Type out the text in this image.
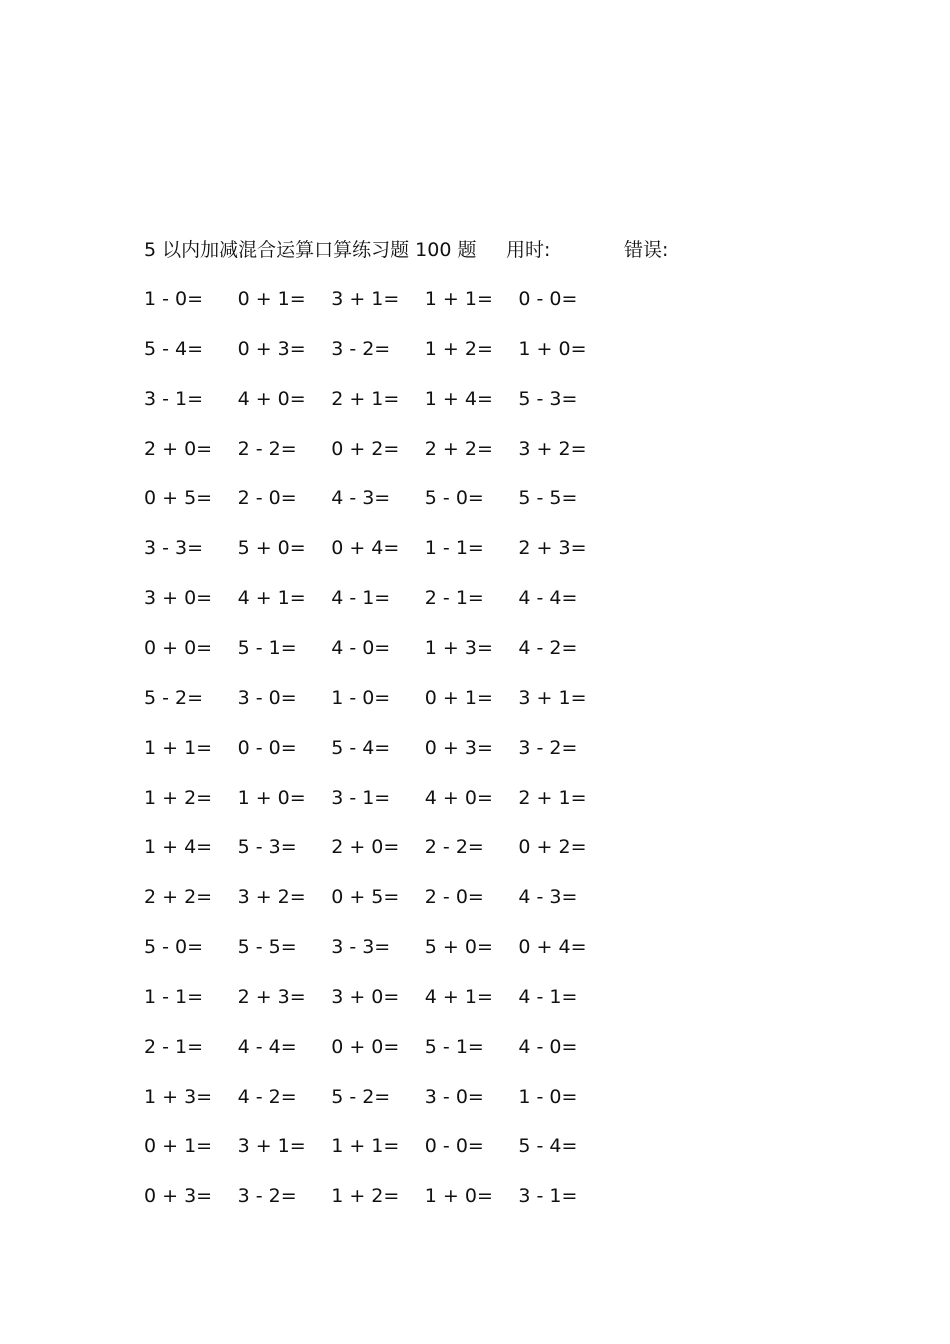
5 以内加减混合运算口算练习题 100 题 用时:	错误:
1 - 0= 0 + 1= 3 + 1= 1 + 1= 0 - 0=
5 - 4= 0 + 3= 3 - 2= 1 + 2= 1 + 0=
3 - 1= 4 + 0= 2 + 1= 1 + 4= 5 - 3=
2 + 0= 2 - 2= 0 + 2= 2 + 2= 3 + 2=
0 + 5= 2 - 0= 4 - 3= 5 - 0= 5 - 5=
3 - 3= 5 + 0= 0 + 4= 1 - 1= 2 + 3=
3 + 0= 4 + 1= 4 - 1= 2 - 1= 4 - 4=
0 + 0= 5 - 1= 4 - 0= 1 + 3= 4 - 2=
5 - 2= 3 - 0= 1 - 0= 0 + 1= 3 + 1=
1 + 1= 0 - 0= 5 - 4= 0 + 3= 3 - 2=
1 + 2= 1 + 0= 3 - 1= 4 + 0= 2 + 1=
1 + 4= 5 - 3= 2 + 0= 2 - 2= 0 + 2=
2 + 2= 3 + 2= 0 + 5= 2 - 0= 4 - 3=
5 - 0= 5 - 5= 3 - 3= 5 + 0= 0 + 4=
1 - 1= 2 + 3= 3 + 0= 4 + 1= 4 - 1=
2 - 1= 4 - 4= 0 + 0= 5 - 1= 4 - 0=
1 + 3= 4 - 2= 5 - 2= 3 - 0= 1 - 0=
0 + 1= 3 + 1= 1 + 1= 0 - 0= 5 - 4=
0 + 3= 3 - 2= 1 + 2= 1 + 0= 3 - 1=
